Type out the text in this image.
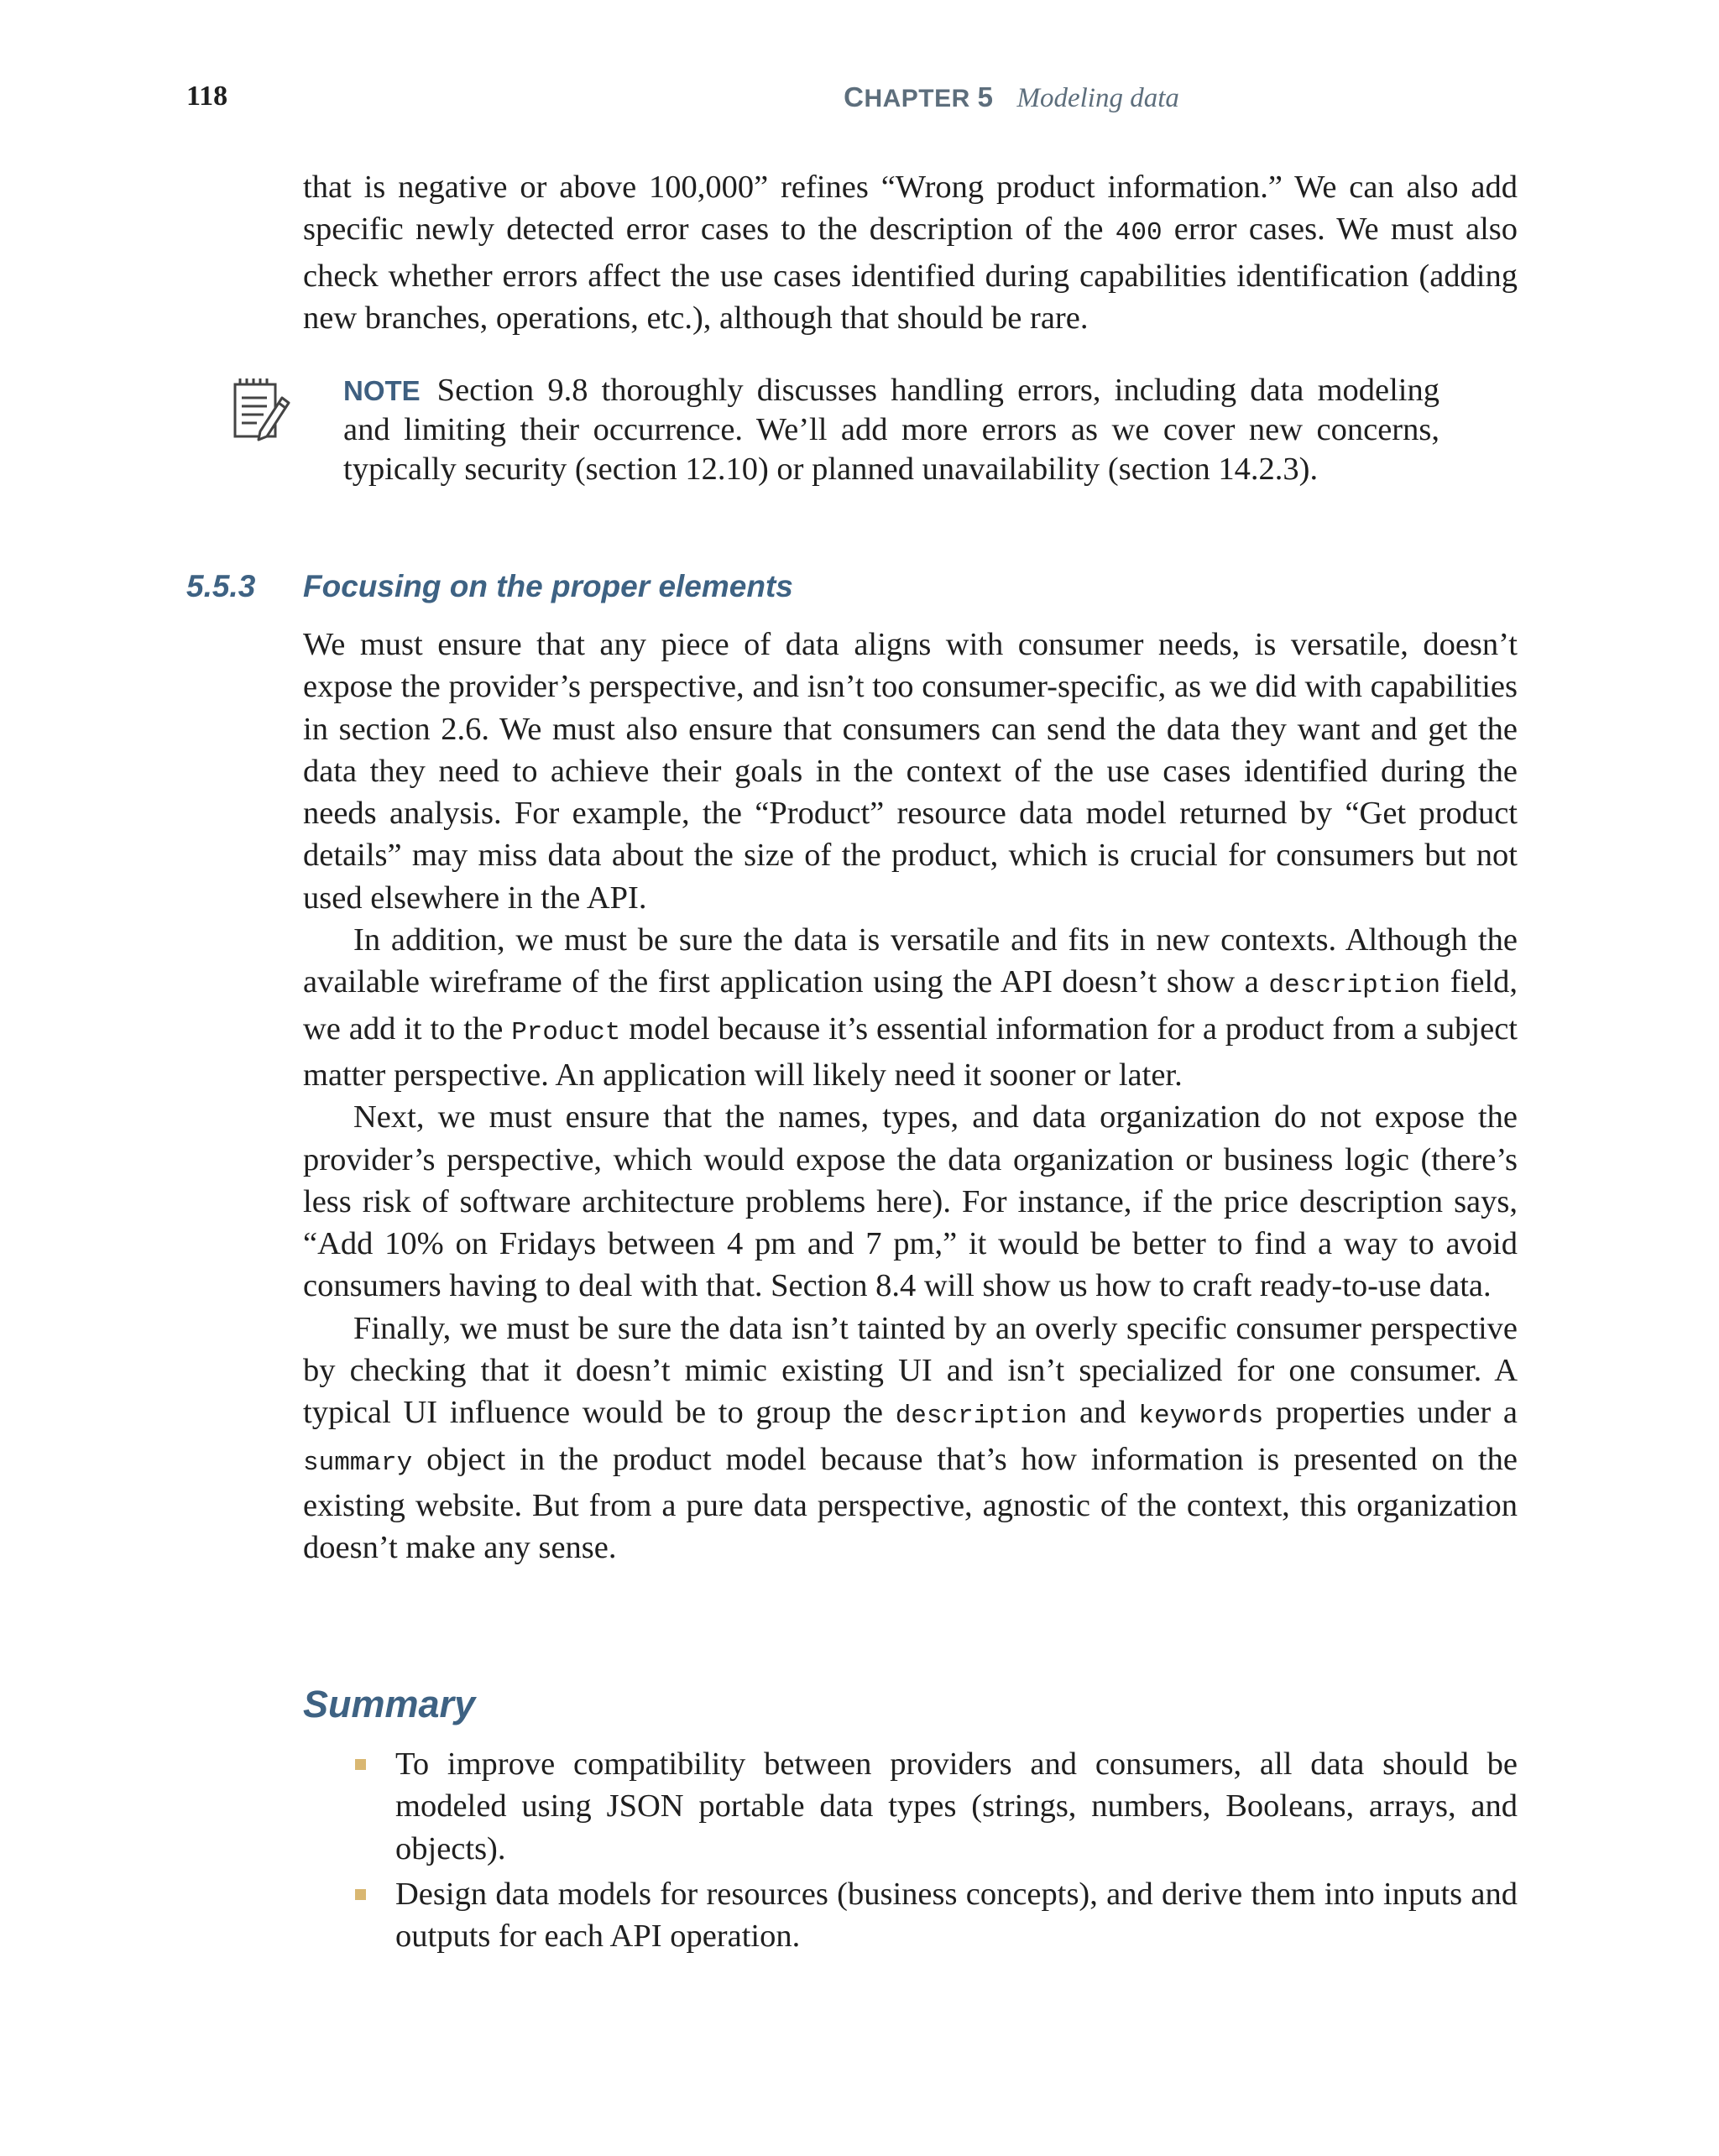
118	CHAPTER 5 Modeling data

that is negative or above 100,000” refines “Wrong product information.” We can also add specific newly detected error cases to the description of the 400 error cases. We must also check whether errors affect the use cases identified during capabilities identification (adding new branches, operations, etc.), although that should be rare.

NOTE Section 9.8 thoroughly discusses handling errors, including data modeling and limiting their occurrence. We’ll add more errors as we cover new concerns, typically security (section 12.10) or planned unavailability (section 14.2.3).
5.5.3 Focusing on the proper elements

We must ensure that any piece of data aligns with consumer needs, is versatile, doesn’t expose the provider’s perspective, and isn’t too consumer-specific, as we did with capabilities in section 2.6. We must also ensure that consumers can send the data they want and get the data they need to achieve their goals in the context of the use cases identified during the needs analysis. For example, the “Product” resource data model returned by “Get product details” may miss data about the size of the product, which is crucial for consumers but not used elsewhere in the API.

In addition, we must be sure the data is versatile and fits in new contexts. Although the available wireframe of the first application using the API doesn’t show a description field, we add it to the Product model because it’s essential information for a product from a subject matter perspective. An application will likely need it sooner or later.

Next, we must ensure that the names, types, and data organization do not expose the provider’s perspective, which would expose the data organization or business logic (there’s less risk of software architecture problems here). For instance, if the price description says, “Add 10% on Fridays between 4 pm and 7 pm,” it would be better to find a way to avoid consumers having to deal with that. Section 8.4 will show us how to craft ready-to-use data.

Finally, we must be sure the data isn’t tainted by an overly specific consumer perspective by checking that it doesn’t mimic existing UI and isn’t specialized for one consumer. A typical UI influence would be to group the description and keywords properties under a summary object in the product model because that’s how information is presented on the existing website. But from a pure data perspective, agnostic of the context, this organization doesn’t make any sense.

Summary
To improve compatibility between providers and consumers, all data should be modeled using JSON portable data types (strings, numbers, Booleans, arrays, and objects).
Design data models for resources (business concepts), and derive them into inputs and outputs for each API operation.
